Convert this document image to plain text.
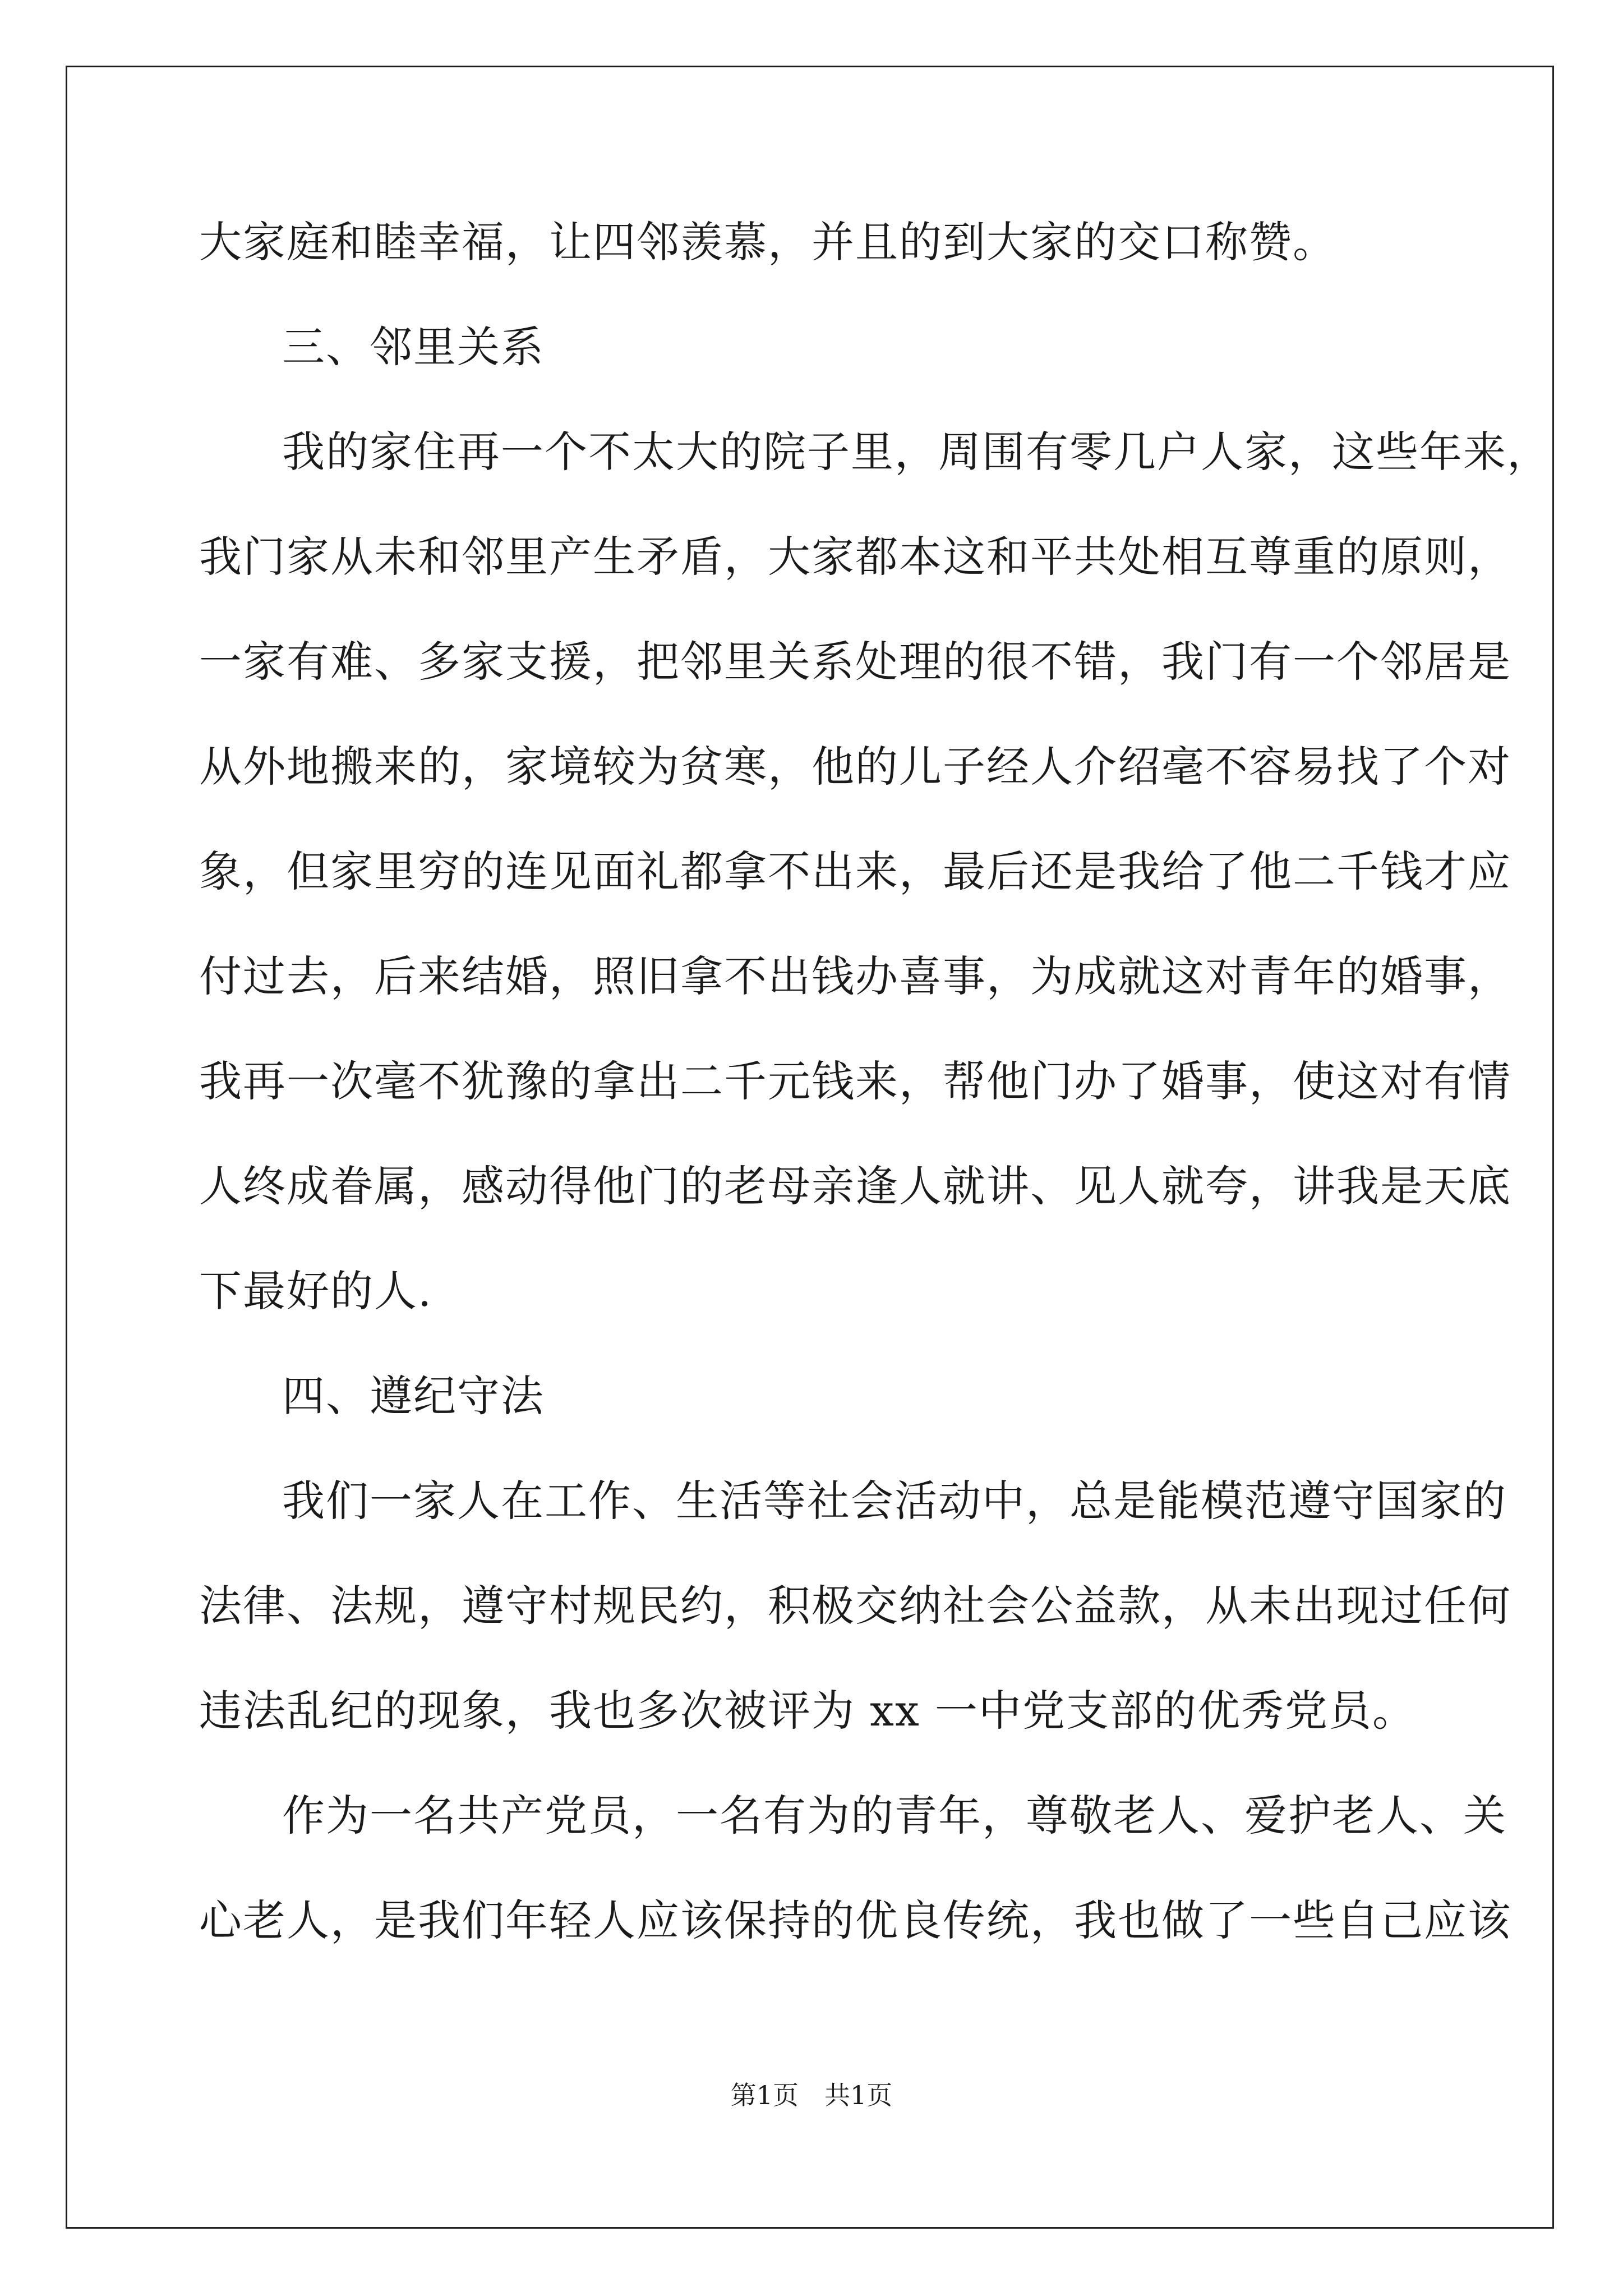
大家庭和睦幸福，让四邻羡慕，并且的到大家的交口称赞。
三、邻里关系
我的家住再一个不太大的院子里，周围有零几户人家，这些年来，
我门家从未和邻里产生矛盾，大家都本这和平共处相互尊重的原则，
一家有难、多家支援，把邻里关系处理的很不错，我门有一个邻居是
从外地搬来的，家境较为贫寒，他的儿子经人介绍毫不容易找了个对
象，但家里穷的连见面礼都拿不出来，最后还是我给了他二千钱才应
付过去，后来结婚，照旧拿不出钱办喜事，为成就这对青年的婚事，
我再一次毫不犹豫的拿出二千元钱来，帮他门办了婚事，使这对有情
人终成眷属，感动得他门的老母亲逢人就讲、见人就夸，讲我是天底
下最好的人.
四、遵纪守法
我们一家人在工作、生活等社会活动中，总是能模范遵守国家的
法律、法规，遵守村规民约，积极交纳社会公益款，从未出现过任何
违法乱纪的现象，我也多次被评为 xx 一中党支部的优秀党员。
作为一名共产党员，一名有为的青年，尊敬老人、爱护老人、关
心老人，是我们年轻人应该保持的优良传统，我也做了一些自己应该
第1页　共1页
